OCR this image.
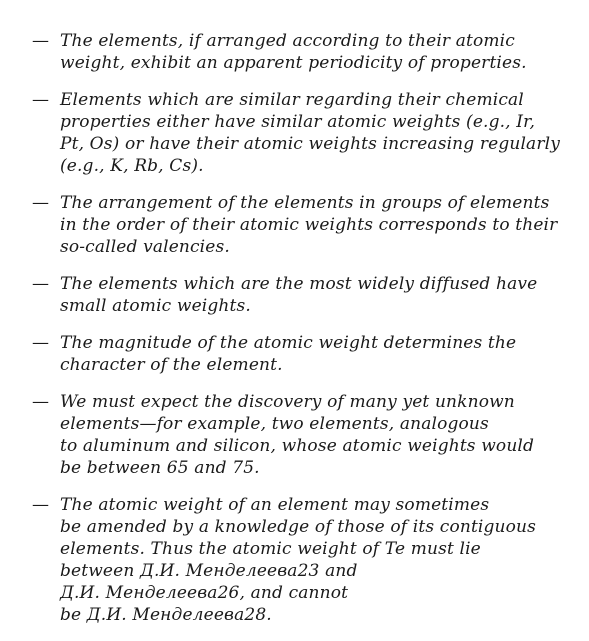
— The elements, if arranged according to their atomic
weight, exhibit an apparent periodicity of properties.
— Elements which are similar regarding their chemical
properties either have similar atomic weights (e.g., Ir,
Pt, Os) or have their atomic weights increasing regularly
(e.g., K, Rb, Cs).
— The arrangement of the elements in groups of elements
in the order of their atomic weights corresponds to their
so-called valencies.
— The elements which are the most widely diffused have
small atomic weights.
— The magnitude of the atomic weight determines the
character of the element.
— We must expect the discovery of many yet unknown
elements—for example, two elements, analogous
to aluminum and silicon, whose atomic weights would
be between 65 and 75.
— The atomic weight of an element may sometimes
be amended by a knowledge of those of its contiguous
elements. Thus the atomic weight of Te must lie
between Д.И. Менделеева23 and
Д.И. Менделеева26, and cannot
be Д.И. Менделеева28.
